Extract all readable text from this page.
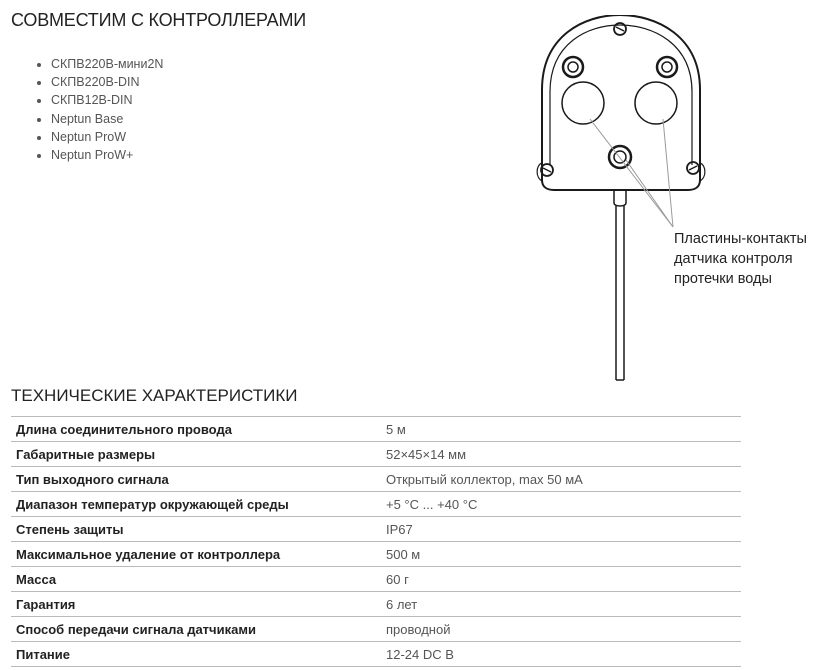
СОВМЕСТИМ С КОНТРОЛЛЕРАМИ
• СКПВ220В-мини2N
• СКПВ220В-DIN
• СКПВ12В-DIN
• Neptun Base
• Neptun ProW
• Neptun ProW+
Пластины-контакты
датчика контроля
протечки воды
ТЕХНИЧЕСКИЕ ХАРАКТЕРИСТИКИ
Длина соединительного провода	5 м
Габаритные размеры	52×45×14 мм
Тип выходного сигнала	Открытый коллектор, max 50 мА
Диапазон температур окружающей среды	+5 °С ... +40 °С
Степень защиты	IP67
Максимальное удаление от контроллера	500 м
Масса	60 г
Гарантия	6 лет
Способ передачи сигнала датчиками	проводной
Питание	12-24 DC В
